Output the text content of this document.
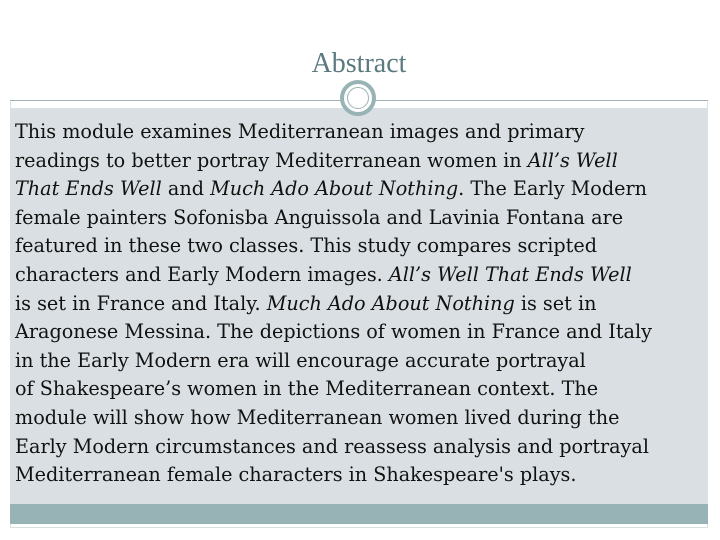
Abstract
This module examines Mediterranean images and primary
readings to better portray Mediterranean women in All’s Well
That Ends Well and Much Ado About Nothing. The Early Modern
female painters Sofonisba Anguissola and Lavinia Fontana are
featured in these two classes. This study compares scripted
characters and Early Modern images. All’s Well That Ends Well
is set in France and Italy. Much Ado About Nothing is set in
Aragonese Messina. The depictions of women in France and Italy
in the Early Modern era will encourage accurate portrayal
of Shakespeare’s women in the Mediterranean context. The
module will show how Mediterranean women lived during the
Early Modern circumstances and reassess analysis and portrayal
Mediterranean female characters in Shakespeare's plays.
